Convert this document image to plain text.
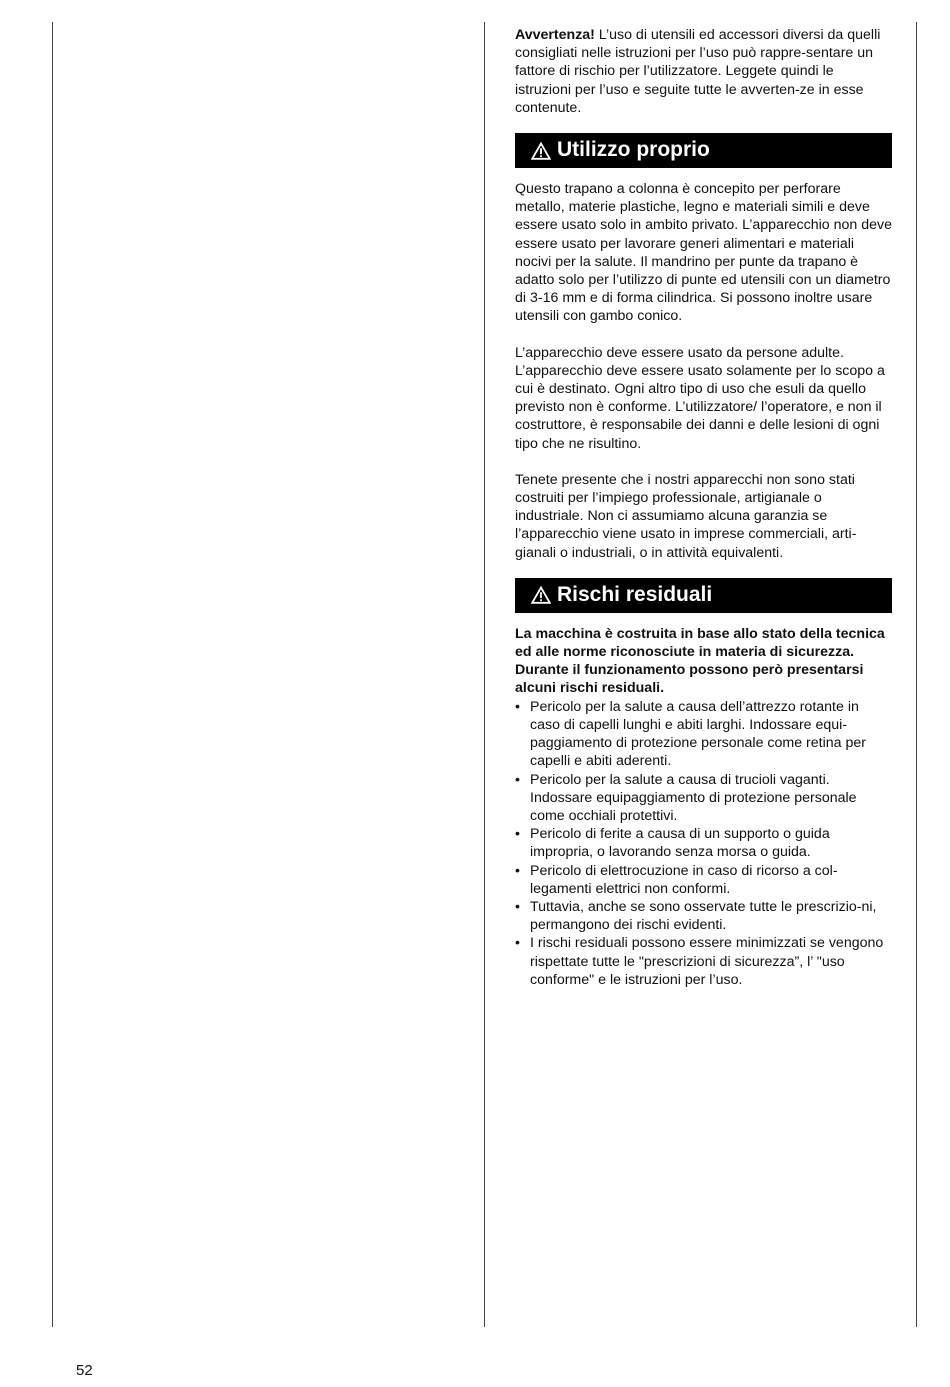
Avvertenza! L’uso di utensili ed accessori diversi da quelli consigliati nelle istruzioni per l’uso può rappre-sentare un fattore di rischio per l’utilizzatore. Leggete quindi le istruzioni per l’uso e seguite tutte le avverten-ze in esse contenute.

Utilizzo proprio

Questo trapano a colonna è concepito per perforare metallo, materie plastiche, legno e materiali simili e deve essere usato solo in ambito privato. L’apparecchio non deve essere usato per lavorare generi alimentari e materiali nocivi per la salute. Il mandrino per punte da trapano è adatto solo per l’utilizzo di punte ed utensili con un diametro di 3-16 mm e di forma cilindrica. Si possono inoltre usare utensili con gambo conico.

L’apparecchio deve essere usato da persone adulte. L’apparecchio deve essere usato solamente per lo scopo a cui è destinato. Ogni altro tipo di uso che esuli da quello previsto non è conforme. L’utilizzatore/ l’operatore, e non il costruttore, è responsabile dei danni e delle lesioni di ogni tipo che ne risultino.

Tenete presente che i nostri apparecchi non sono stati costruiti per l’impiego professionale, artigianale o industriale. Non ci assumiamo alcuna garanzia se l’apparecchio viene usato in imprese commerciali, arti-gianali o industriali, o in attività equivalenti.

Rischi residuali

La macchina è costruita in base allo stato della tecnica ed alle norme riconosciute in materia di sicurezza. Durante il funzionamento possono però presentarsi alcuni rischi residuali.

• Pericolo per la salute a causa dell’attrezzo rotante in caso di capelli lunghi e abiti larghi. Indossare equi-paggiamento di protezione personale come retina per capelli e abiti aderenti.
• Pericolo per la salute a causa di trucioli vaganti. Indossare equipaggiamento di protezione personale come occhiali protettivi.
• Pericolo di ferite a causa di un supporto o guida impropria, o lavorando senza morsa o guida.
• Pericolo di elettrocuzione in caso di ricorso a col-legamenti elettrici non conformi.
• Tuttavia, anche se sono osservate tutte le prescrizio-ni, permangono dei rischi evidenti.
• I rischi residuali possono essere minimizzati se vengono rispettate tutte le "prescrizioni di sicurezza”, l’ "uso conforme" e le istruzioni per l’uso.
52
